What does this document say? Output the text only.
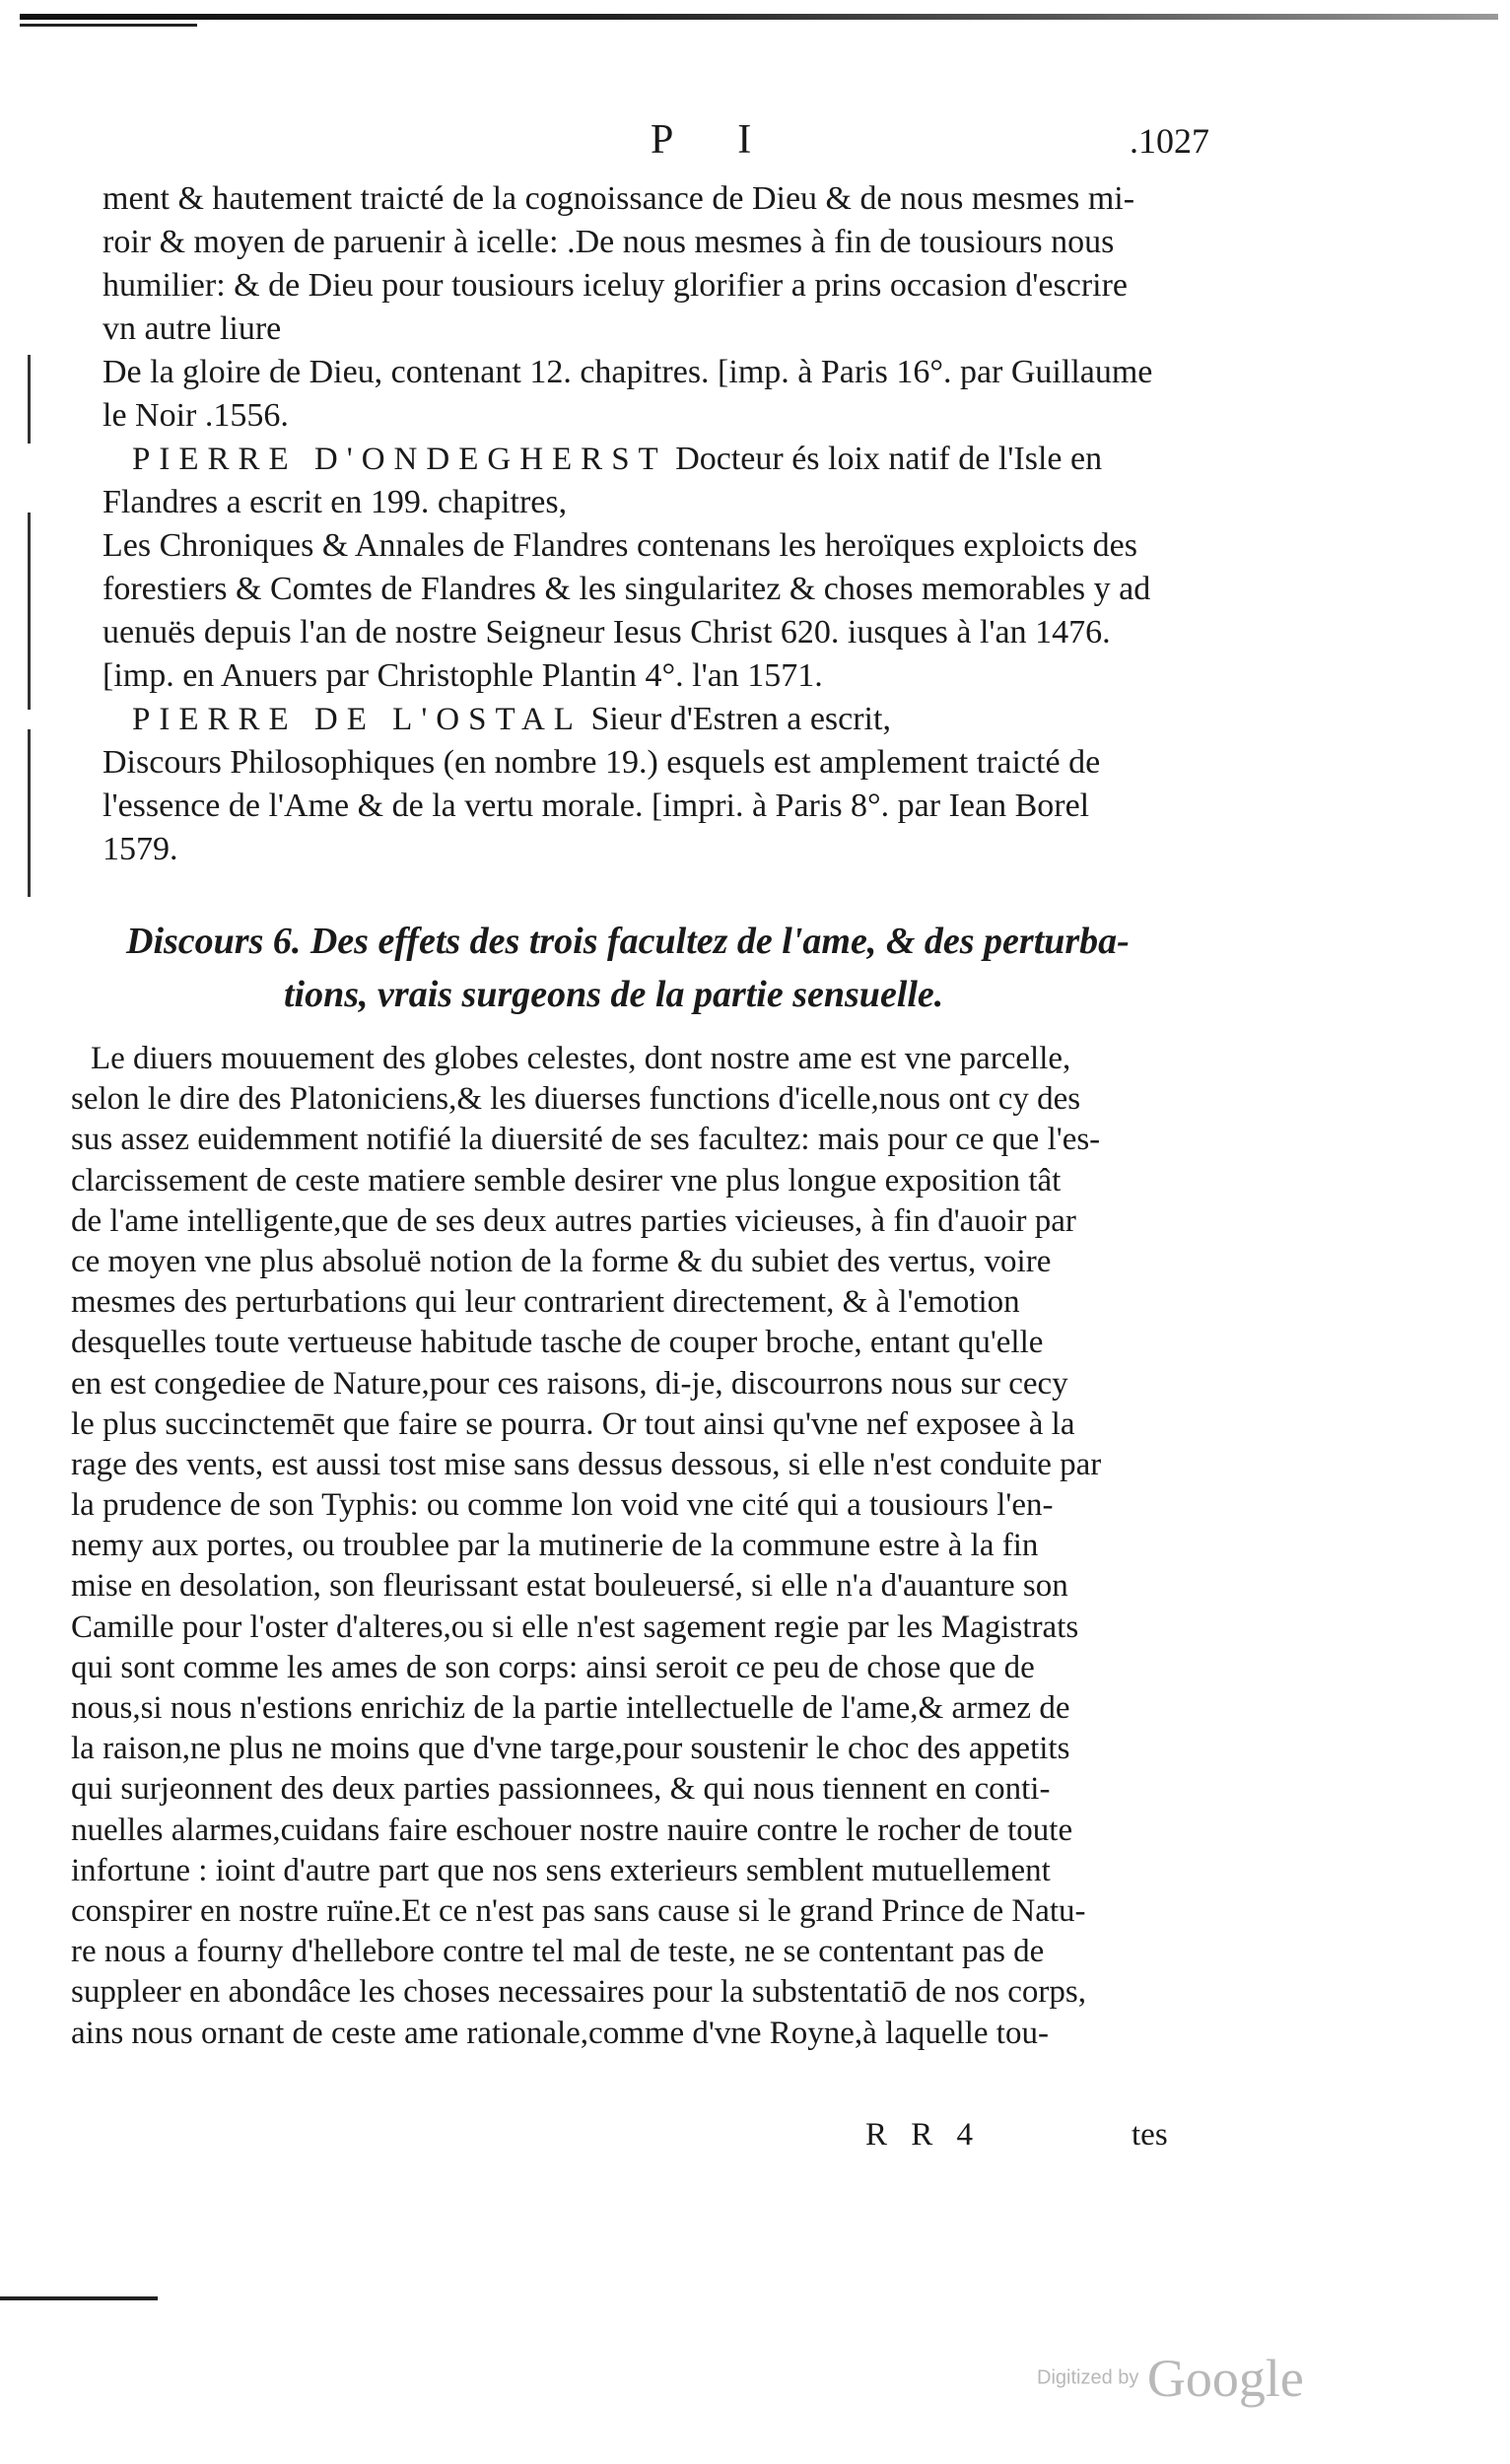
P I	.1027
ment & hautement traicté de la cognoissance de Dieu & de nous mesmes mi-
roir & moyen de paruenir à icelle: .De nous mesmes à fin de tousiours nous
humilier: & de Dieu pour tousiours iceluy glorifier a prins occasion d'escrire
vn autre liure
De la gloire de Dieu, contenant 12. chapitres. [imp. à Paris 16°. par Guillaume
le Noir .1556.
PIERRE D'ONDEGHERST Docteur és loix natif de l'Isle en
Flandres a escrit en 199. chapitres,
Les Chroniques & Annales de Flandres contenans les heroïques exploicts des
forestiers & Comtes de Flandres & les singularitez & choses memorables y ad
uenuës depuis l'an de nostre Seigneur Iesus Christ 620. iusques à l'an 1476.
[imp. en Anuers par Christophle Plantin 4°. l'an 1571.
PIERRE DE L'OSTAL Sieur d'Estren a escrit,
Discours Philosophiques (en nombre 19.) esquels est amplement traicté de
l'essence de l'Ame & de la vertu morale. [impri. à Paris 8°. par Iean Borel
1579.
Discours 6. Des effets des trois facultez de l'ame, & des perturba-
tions, vrais surgeons de la partie sensuelle.
Le diuers mouuement des globes celestes, dont nostre ame est vne parcelle,
selon le dire des Platoniciens,& les diuerses functions d'icelle,nous ont cy des
sus assez euidemment notifié la diuersité de ses facultez: mais pour ce que l'es-
clarcissement de ceste matiere semble desirer vne plus longue exposition tât
de l'ame intelligente,que de ses deux autres parties vicieuses, à fin d'auoir par
ce moyen vne plus absoluë notion de la forme & du subiet des vertus, voire
mesmes des perturbations qui leur contrarient directement, & à l'emotion
desquelles toute vertueuse habitude tasche de couper broche, entant qu'elle
en est congediee de Nature,pour ces raisons, di-je, discourrons nous sur cecy
le plus succinctemēt que faire se pourra. Or tout ainsi qu'vne nef exposee à la
rage des vents, est aussi tost mise sans dessus dessous, si elle n'est conduite par
la prudence de son Typhis: ou comme lon void vne cité qui a tousiours l'en-
nemy aux portes, ou troublee par la mutinerie de la commune estre à la fin
mise en desolation, son fleurissant estat bouleuersé, si elle n'a d'auanture son
Camille pour l'oster d'alteres,ou si elle n'est sagement regie par les Magistrats
qui sont comme les ames de son corps: ainsi seroit ce peu de chose que de
nous,si nous n'estions enrichiz de la partie intellectuelle de l'ame,& armez de
la raison,ne plus ne moins que d'vne targe,pour soustenir le choc des appetits
qui surjeonnent des deux parties passionnees, & qui nous tiennent en conti-
nuelles alarmes,cuidans faire eschouer nostre nauire contre le rocher de toute
infortune : ioint d'autre part que nos sens exterieurs semblent mutuellement
conspirer en nostre ruïne.Et ce n'est pas sans cause si le grand Prince de Natu-
re nous a fourny d'hellebore contre tel mal de teste, ne se contentant pas de
suppleer en abondâce les choses necessaires pour la substentatiō de nos corps,
ains nous ornant de ceste ame rationale,comme d'vne Royne,à laquelle tou-
R R 4	tes
Digitized by Google
